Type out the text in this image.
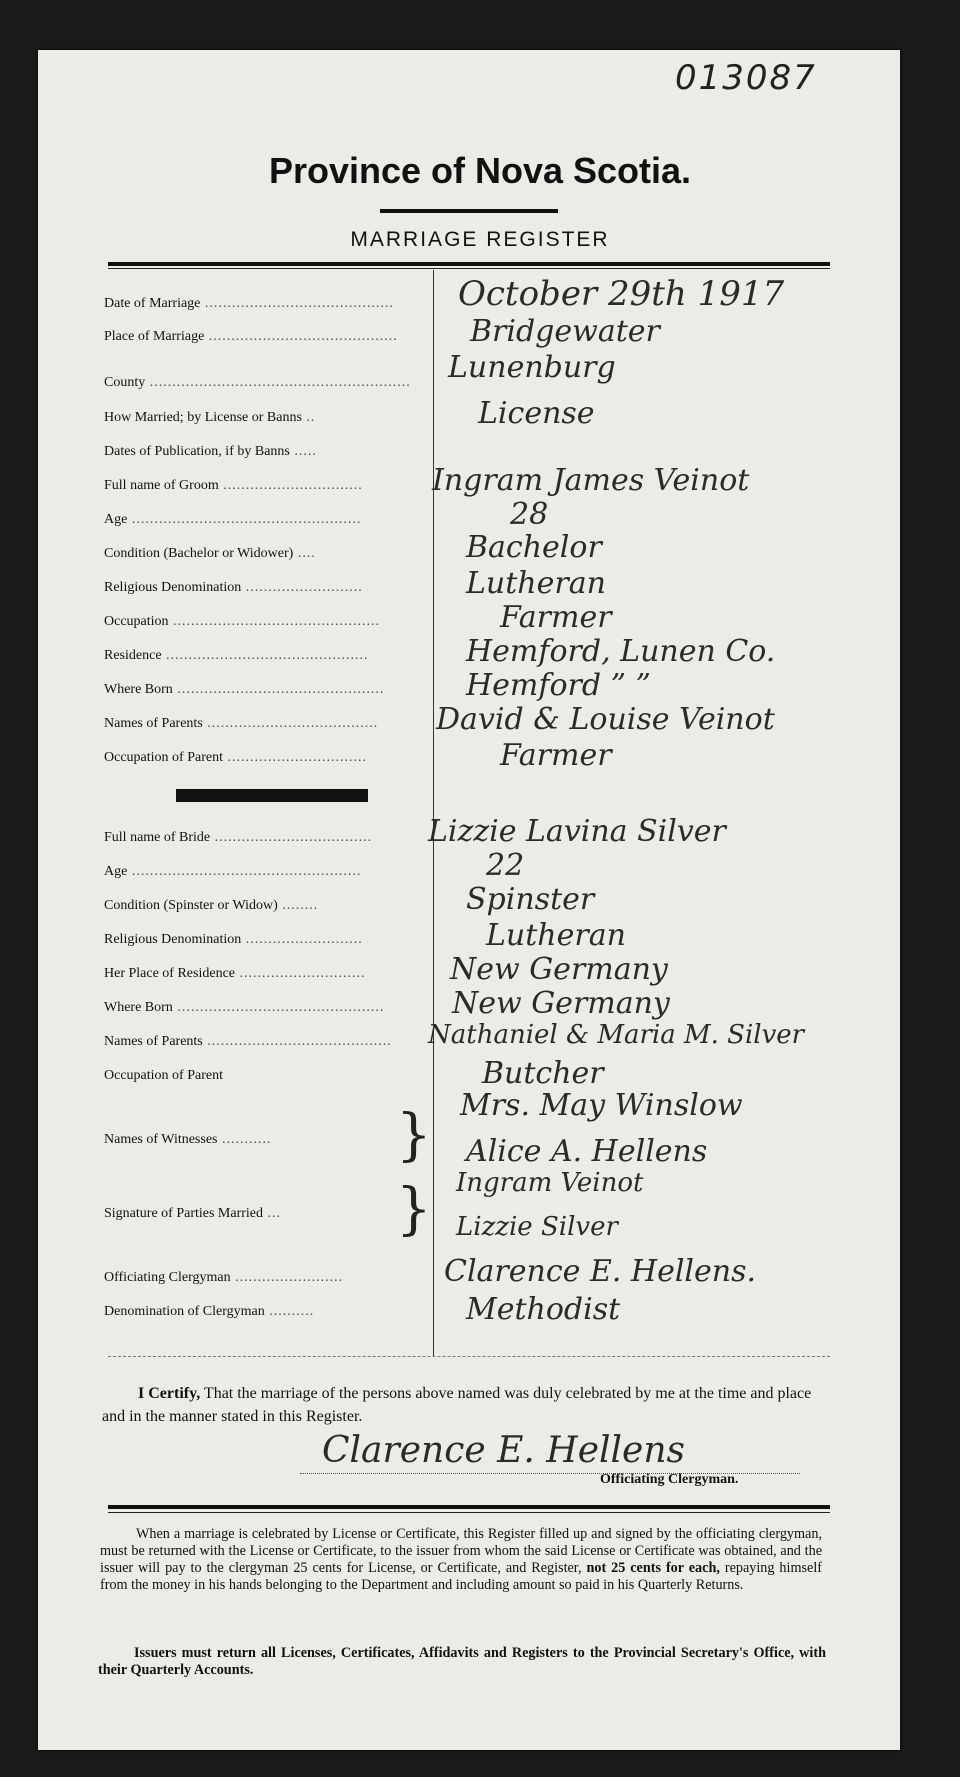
013087
Province of Nova Scotia.
MARRIAGE REGISTER
Date of Marriage ..........................................	October 29th 1917
Place of Marriage ..........................................	Bridgewater
County ..........................................................	Lunenburg
How Married; by License or Banns ..	License
Dates of Publication, if by Banns .....
Full name of Groom ...............................	Ingram James Veinot
Age ...................................................	28
Condition (Bachelor or Widower) ....	Bachelor
Religious Denomination ..........................	Lutheran
Occupation ..............................................	Farmer
Residence .............................................	Hemford, Lunen Co.
Where Born ..............................................	Hemford ” ”
Names of Parents ......................................	David & Louise Veinot
Occupation of Parent ...............................	Farmer
Full name of Bride ...................................	Lizzie Lavina Silver
Age ...................................................	22
Condition (Spinster or Widow) ........	Spinster
Religious Denomination ..........................	Lutheran
Her Place of Residence ............................	New Germany
Where Born ..............................................	New Germany
Names of Parents .........................................	Nathaniel & Maria M. Silver
Occupation of Parent	Butcher
Names of Witnesses ...........	} Mrs. May Winslow
Alice A. Hellens
Signature of Parties Married ...	} Ingram Veinot
Lizzie Silver
Officiating Clergyman ........................	Clarence E. Hellens.
Denomination of Clergyman ..........	Methodist
I Certify, That the marriage of the persons above named was duly celebrated by me at the time and place and in the manner stated in this Register.
Clarence E. Hellens
Officiating Clergyman.

When a marriage is celebrated by License or Certificate, this Register filled up and signed by the officiating clergyman, must be returned with the License or Certificate, to the issuer from whom the said License or Certificate was obtained, and the issuer will pay to the clergyman 25 cents for License, or Certificate, and Register, not 25 cents for each, repaying himself from the money in his hands belonging to the Department and including amount so paid in his Quarterly Returns.

Issuers must return all Licenses, Certificates, Affidavits and Registers to the Provincial Secretary's Office, with their Quarterly Accounts.
